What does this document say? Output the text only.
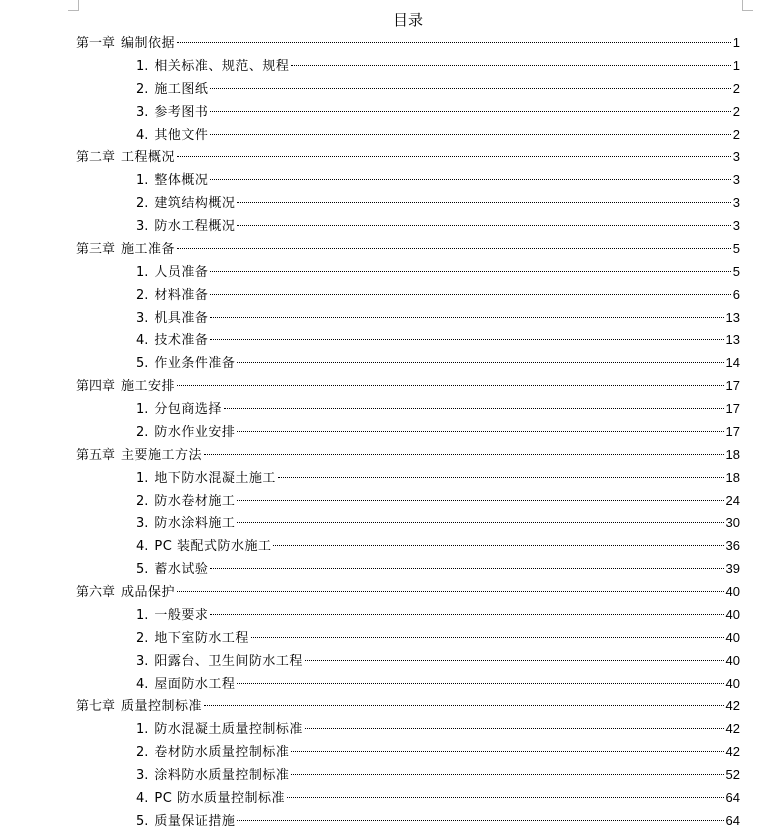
目录
第一章 编制依据	1
1. 相关标准、规范、规程	1
2. 施工图纸	2
3. 参考图书	2
4. 其他文件	2
第二章 工程概况	3
1. 整体概况	3
2. 建筑结构概况	3
3. 防水工程概况	3
第三章 施工准备	5
1. 人员准备	5
2. 材料准备	6
3. 机具准备	13
4. 技术准备	13
5. 作业条件准备	14
第四章 施工安排	17
1. 分包商选择	17
2. 防水作业安排	17
第五章 主要施工方法	18
1. 地下防水混凝土施工	18
2. 防水卷材施工	24
3. 防水涂料施工	30
4. PC 装配式防水施工	36
5. 蓄水试验	39
第六章 成品保护	40
1. 一般要求	40
2. 地下室防水工程	40
3. 阳露台、卫生间防水工程	40
4. 屋面防水工程	40
第七章 质量控制标准	42
1. 防水混凝土质量控制标准	42
2. 卷材防水质量控制标准	42
3. 涂料防水质量控制标准	52
4. PC 防水质量控制标准	64
5. 质量保证措施	64
